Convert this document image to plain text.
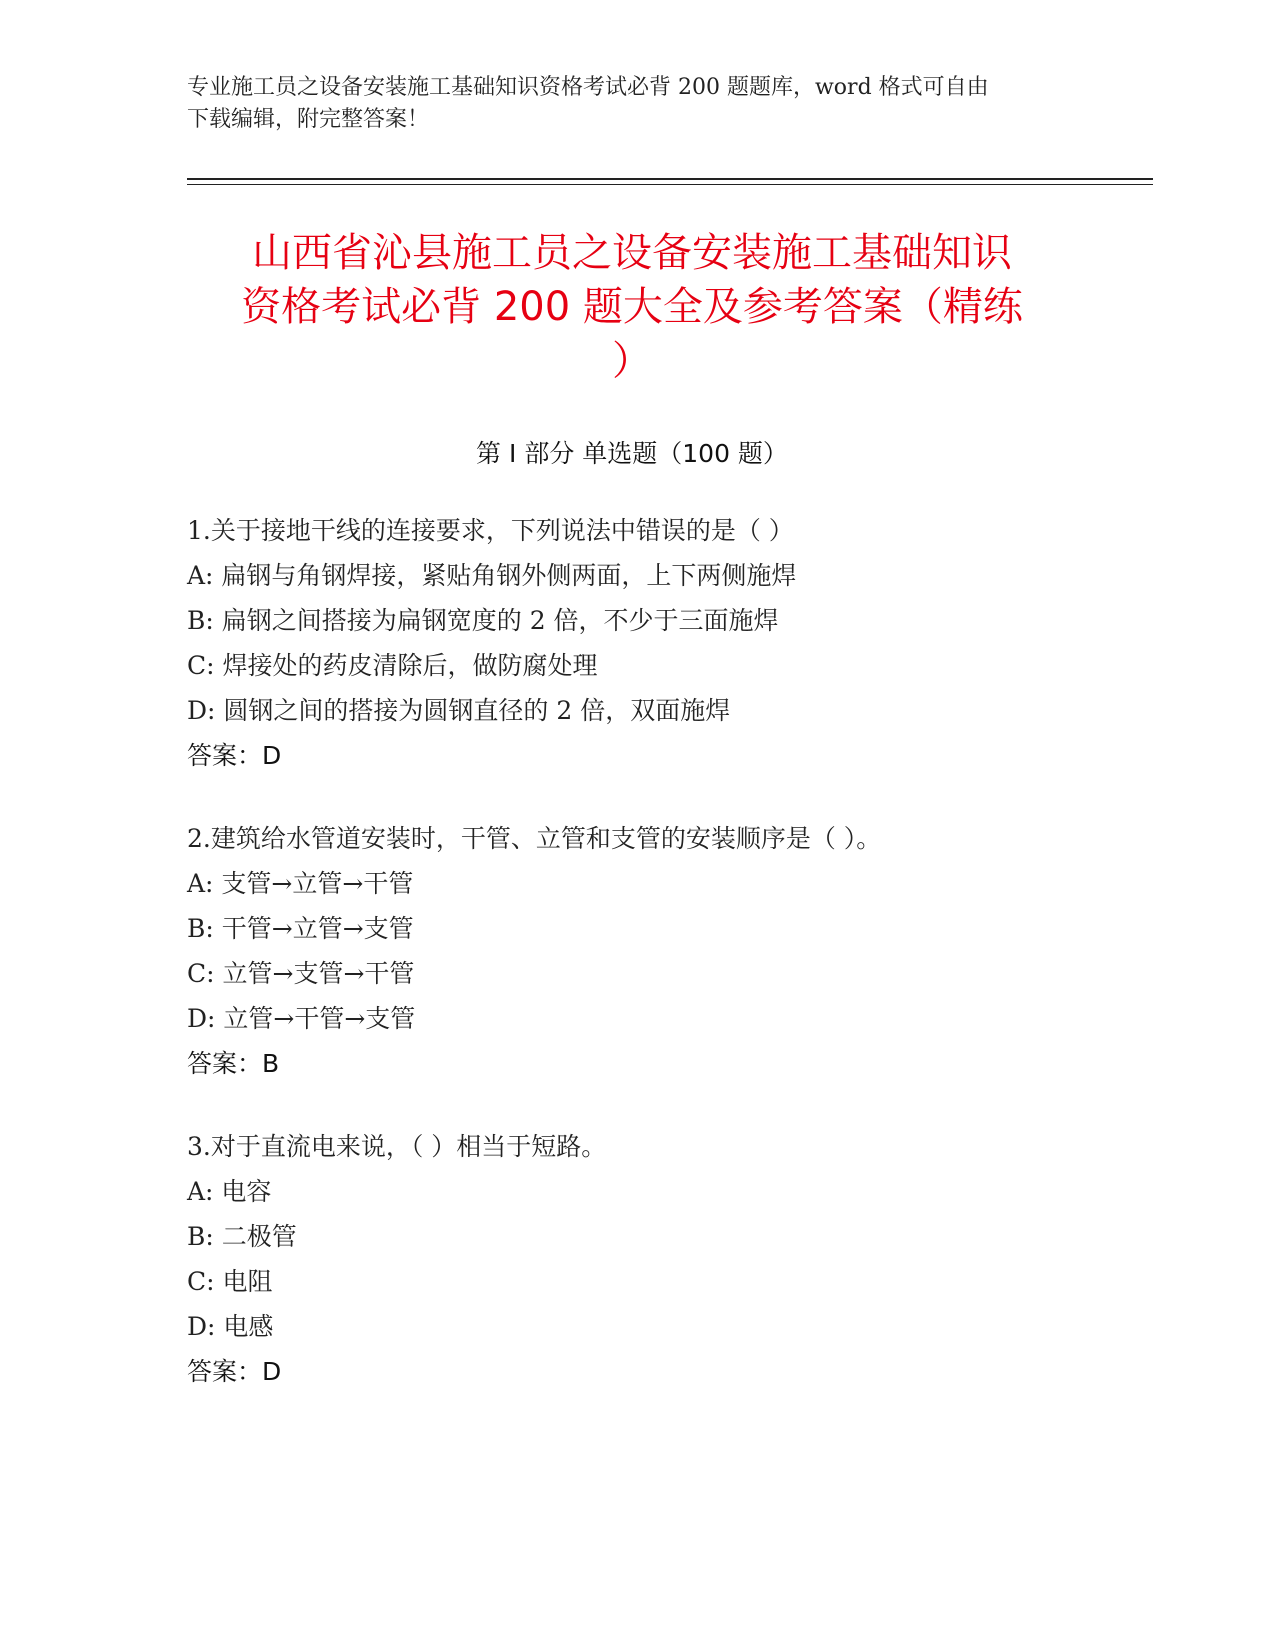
专业施工员之设备安装施工基础知识资格考试必背 200 题题库，word 格式可自由
下载编辑，附完整答案！
山西省沁县施工员之设备安装施工基础知识
资格考试必背 200 题大全及参考答案（精练
）
第 I 部分 单选题（100 题）
1.关于接地干线的连接要求，下列说法中错误的是（ ）
A: 扁钢与角钢焊接，紧贴角钢外侧两面，上下两侧施焊
B: 扁钢之间搭接为扁钢宽度的 2 倍，不少于三面施焊
C: 焊接处的药皮清除后，做防腐处理
D: 圆钢之间的搭接为圆钢直径的 2 倍，双面施焊
答案：D
2.建筑给水管道安装时，干管、立管和支管的安装顺序是（ ）。
A: 支管→立管→干管
B: 干管→立管→支管
C: 立管→支管→干管
D: 立管→干管→支管
答案：B
3.对于直流电来说，（ ）相当于短路。
A: 电容
B: 二极管
C: 电阻
D: 电感
答案：D
